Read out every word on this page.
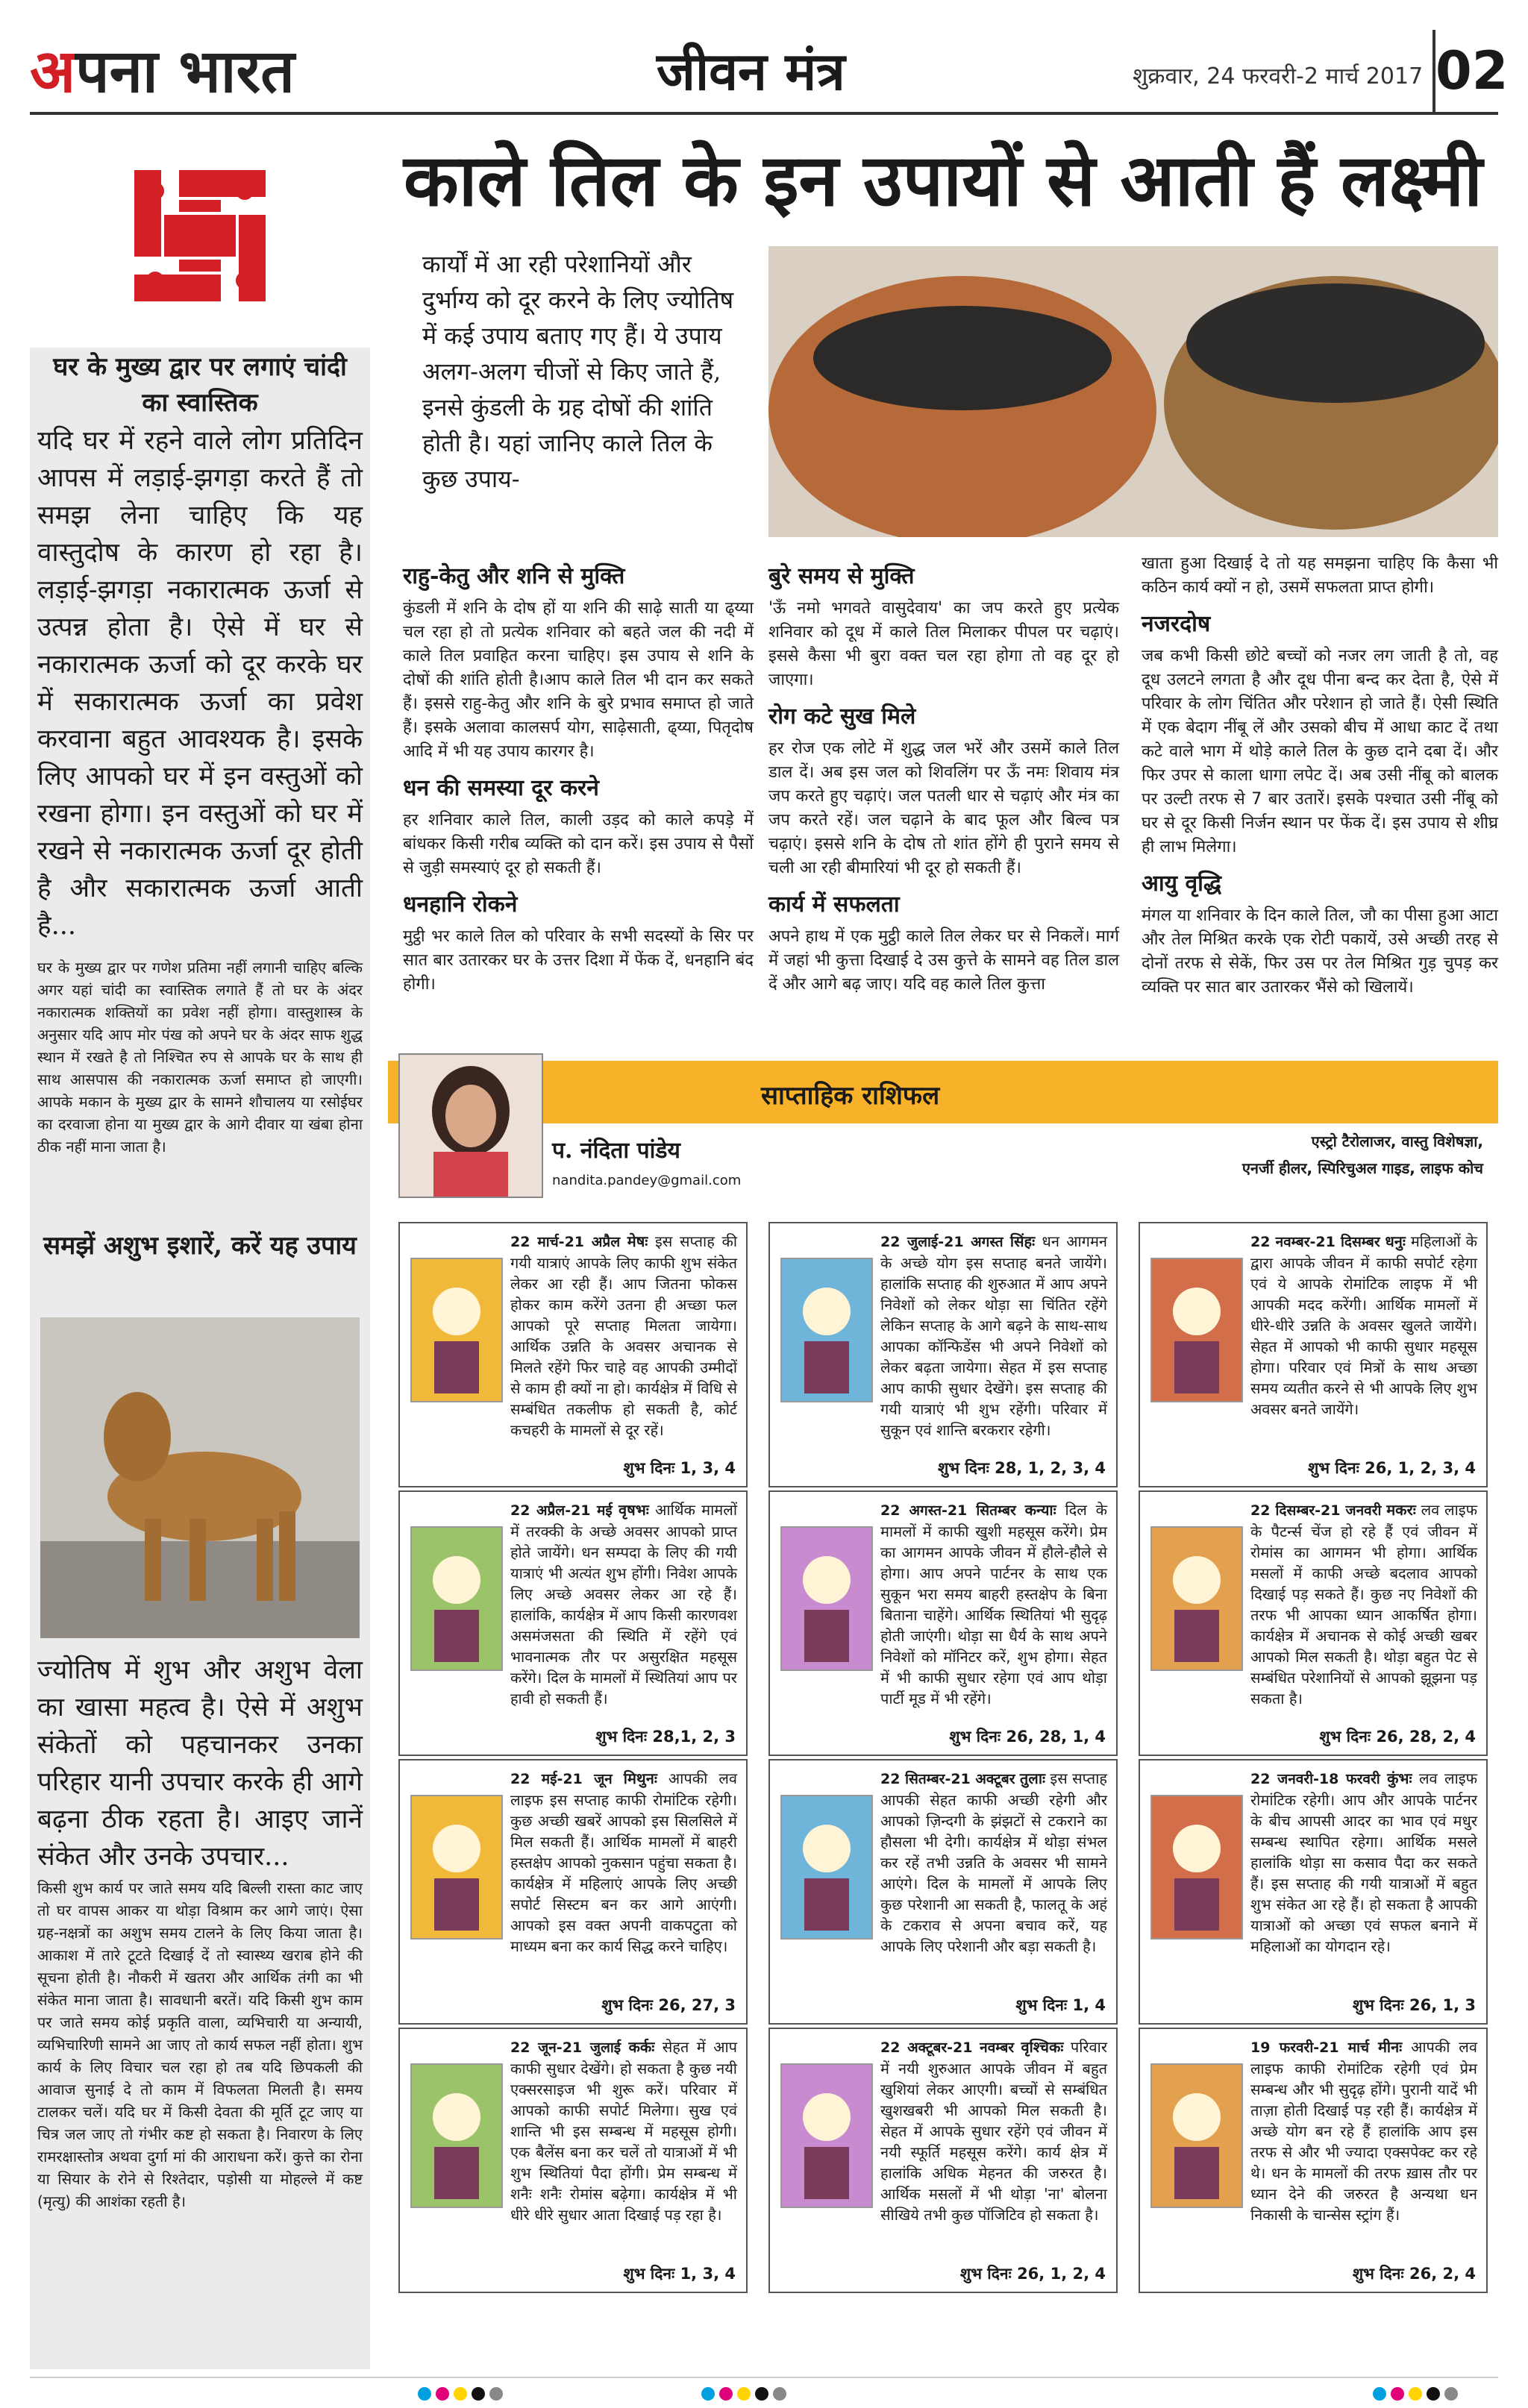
अपना भारत	जीवन मंत्र	शुक्रवार, 24 फरवरी-2 मार्च 2017 02
घर के मुख्य द्वार पर लगाएं चांदी का स्वास्तिक
यदि घर में रहने वाले लोग प्रतिदिन आपस में लड़ाई-झगड़ा करते हैं तो समझ लेना चाहिए कि यह वास्तुदोष के कारण हो रहा है। लड़ाई-झगड़ा नकारात्मक ऊर्जा से उत्पन्न होता है। ऐसे में घर से नकारात्मक ऊर्जा को दूर करके घर में सकारात्मक ऊर्जा का प्रवेश करवाना बहुत आवश्यक है। इसके लिए आपको घर में इन वस्तुओं को रखना होगा। इन वस्तुओं को घर में रखने से नकारात्मक ऊर्जा दूर होती है और सकारात्मक ऊर्जा आती है...
घर के मुख्य द्वार पर गणेश प्रतिमा नहीं लगानी चाहिए बल्कि अगर यहां चांदी का स्वास्तिक लगाते हैं तो घर के अंदर नकारात्मक शक्तियों का प्रवेश नहीं होगा। वास्तुशास्त्र के अनुसार यदि आप मोर पंख को अपने घर के अंदर साफ शुद्ध स्थान में रखते है तो निश्चित रुप से आपके घर के साथ ही साथ आसपास की नकारात्मक ऊर्जा समाप्त हो जाएगी। आपके मकान के मुख्य द्वार के सामने शौचालय या रसोईघर का दरवाजा होना या मुख्य द्वार के आगे दीवार या खंबा होना ठीक नहीं माना जाता है।
समझें अशुभ इशारें, करें यह उपाय
ज्योतिष में शुभ और अशुभ वेला का खासा महत्व है। ऐसे में अशुभ संकेतों को पहचानकर उनका परिहार यानी उपचार करके ही आगे बढ़ना ठीक रहता है। आइए जानें संकेत और उनके उपचार...
किसी शुभ कार्य पर जाते समय यदि बिल्ली रास्ता काट जाए तो घर वापस आकर या थोड़ा विश्राम कर आगे जाएं। ऐसा ग्रह-नक्षत्रों का अशुभ समय टालने के लिए किया जाता है। आकाश में तारे टूटते दिखाई दें तो स्वास्थ्य खराब होने की सूचना होती है। नौकरी में खतरा और आर्थिक तंगी का भी संकेत माना जाता है। सावधानी बरतें। यदि किसी शुभ काम पर जाते समय कोई प्रकृति वाला, व्यभिचारी या अन्यायी, व्यभिचारिणी सामने आ जाए तो कार्य सफल नहीं होता। शुभ कार्य के लिए विचार चल रहा हो तब यदि छिपकली की आवाज सुनाई दे तो काम में विफलता मिलती है। समय टालकर चलें। यदि घर में किसी देवता की मूर्ति टूट जाए या चित्र जल जाए तो गंभीर कष्ट हो सकता है। निवारण के लिए रामरक्षास्तोत्र अथवा दुर्गा मां की आराधना करें। कुत्ते का रोना या सियार के रोने से रिश्तेदार, पड़ोसी या मोहल्ले में कष्ट (मृत्यु) की आशंका रहती है।
काले तिल के इन उपायों से आती हैं लक्ष्मी
कार्यों में आ रही परेशानियों और दुर्भाग्य को दूर करने के लिए ज्योतिष में कई उपाय बताए गए हैं। ये उपाय अलग-अलग चीजों से किए जाते हैं, इनसे कुंडली के ग्रह दोषों की शांति होती है। यहां जानिए काले तिल के कुछ उपाय-
राहु-केतु और शनि से मुक्ति

कुंडली में शनि के दोष हों या शनि की साढ़े साती या ढ्य्या चल रहा हो तो प्रत्येक शनिवार को बहते जल की नदी में काले तिल प्रवाहित करना चाहिए। इस उपाय से शनि के दोषों की शांति होती है।आप काले तिल भी दान कर सकते हैं। इससे राहु-केतु और शनि के बुरे प्रभाव समाप्त हो जाते हैं। इसके अलावा कालसर्प योग, साढ़ेसाती, ढ्य्या, पितृदोष आदि में भी यह उपाय कारगर है।

धन की समस्या दूर करने

हर शनिवार काले तिल, काली उड़द को काले कपड़े में बांधकर किसी गरीब व्यक्ति को दान करें। इस उपाय से पैसों से जुड़ी समस्याएं दूर हो सकती हैं।

धनहानि रोकने

मुट्ठी भर काले तिल को परिवार के सभी सदस्यों के सिर पर सात बार उतारकर घर के उत्तर दिशा में फेंक दें, धनहानि बंद होगी।

बुरे समय से मुक्ति

'ऊँ नमो भगवते वासुदेवाय' का जप करते हुए प्रत्येक शनिवार को दूध में काले तिल मिलाकर पीपल पर चढ़ाएं। इससे कैसा भी बुरा वक्त चल रहा होगा तो वह दूर हो जाएगा।

रोग कटे सुख मिले

हर रोज एक लोटे में शुद्ध जल भरें और उसमें काले तिल डाल दें। अब इस जल को शिवलिंग पर ऊँ नमः शिवाय मंत्र जप करते हुए चढ़ाएं। जल पतली धार से चढ़ाएं और मंत्र का जप करते रहें। जल चढ़ाने के बाद फूल और बिल्व पत्र चढ़ाएं। इससे शनि के दोष तो शांत होंगे ही पुराने समय से चली आ रही बीमारियां भी दूर हो सकती हैं।

कार्य में सफलता

अपने हाथ में एक मुट्ठी काले तिल लेकर घर से निकलें। मार्ग में जहां भी कुत्ता दिखाई दे उस कुत्ते के सामने वह तिल डाल दें और आगे बढ़ जाए। यदि वह काले तिल कुत्ता

खाता हुआ दिखाई दे तो यह समझना चाहिए कि कैसा भी कठिन कार्य क्यों न हो, उसमें सफलता प्राप्त होगी।

नजरदोष

जब कभी किसी छोटे बच्चों को नजर लग जाती है तो, वह दूध उलटने लगता है और दूध पीना बन्द कर देता है, ऐसे में परिवार के लोग चिंतित और परेशान हो जाते हैं। ऐसी स्थिति में एक बेदाग नींबू लें और उसको बीच में आधा काट दें तथा कटे वाले भाग में थोड़े काले तिल के कुछ दाने दबा दें। और फिर उपर से काला धागा लपेट दें। अब उसी नींबू को बालक पर उल्टी तरफ से 7 बार उतारें। इसके पश्चात उसी नींबू को घर से दूर किसी निर्जन स्थान पर फेंक दें। इस उपाय से शीघ्र ही लाभ मिलेगा।

आयु वृद्धि

मंगल या शनिवार के दिन काले तिल, जौ का पीसा हुआ आटा और तेल मिश्रित करके एक रोटी पकायें, उसे अच्छी तरह से दोनों तरफ से सेकें, फिर उस पर तेल मिश्रित गुड़ चुपड़ कर व्यक्ति पर सात बार उतारकर भैंसे को खिलायें।

साप्ताहिक राशिफल
प. नंदिता पांडेय
nandita.pandey@gmail.com
एस्ट्रो टैरोलाजर, वास्तु विशेषज्ञा,
एनर्जी हीलर, स्पिरिचुअल गाइड, लाइफ कोच
22 मार्च-21 अप्रैल मेषः इस सप्ताह की गयी यात्राएं आपके लिए काफी शुभ संकेत लेकर आ रही हैं। आप जितना फोकस होकर काम करेंगे उतना ही अच्छा फल आपको पूरे सप्ताह मिलता जायेगा। आर्थिक उन्नति के अवसर अचानक से मिलते रहेंगे फिर चाहे वह आपकी उम्मीदों से काम ही क्यों ना हो। कार्यक्षेत्र में विधि से सम्बंधित तकलीफ हो सकती है, कोर्ट कचहरी के मामलों से दूर रहें।
शुभ दिनः 1, 3, 4
22 जुलाई-21 अगस्त सिंहः धन आगमन के अच्छे योग इस सप्ताह बनते जायेंगे। हालांकि सप्ताह की शुरुआत में आप अपने निवेशों को लेकर थोड़ा सा चिंतित रहेंगे लेकिन सप्ताह के आगे बढ़ने के साथ-साथ आपका कॉन्फिडेंस भी अपने निवेशों को लेकर बढ़ता जायेगा। सेहत में इस सप्ताह आप काफी सुधार देखेंगे। इस सप्ताह की गयी यात्राएं भी शुभ रहेंगी। परिवार में सुकून एवं शान्ति बरकरार रहेगी।
शुभ दिनः 28, 1, 2, 3, 4
22 नवम्बर-21 दिसम्बर धनुः महिलाओं के द्वारा आपके जीवन में काफी सपोर्ट रहेगा एवं ये आपके रोमांटिक लाइफ में भी आपकी मदद करेंगी। आर्थिक मामलों में धीरे-धीरे उन्नति के अवसर खुलते जायेंगे। सेहत में आपको भी काफी सुधार महसूस होगा। परिवार एवं मित्रों के साथ अच्छा समय व्यतीत करने से भी आपके लिए शुभ अवसर बनते जायेंगे।
शुभ दिनः 26, 1, 2, 3, 4
22 अप्रैल-21 मई वृषभः आर्थिक मामलों में तरक्की के अच्छे अवसर आपको प्राप्त होते जायेंगे। धन सम्पदा के लिए की गयी यात्राएं भी अत्यंत शुभ होंगी। निवेश आपके लिए अच्छे अवसर लेकर आ रहे हैं। हालांकि, कार्यक्षेत्र में आप किसी कारणवश असमंजसता की स्थिति में रहेंगे एवं भावनात्मक तौर पर असुरक्षित महसूस करेंगे। दिल के मामलों में स्थितियां आप पर हावी हो सकती हैं।
शुभ दिनः 28,1, 2, 3
22 अगस्त-21 सितम्बर कन्याः दिल के मामलों में काफी खुशी महसूस करेंगे। प्रेम का आगमन आपके जीवन में हौले-हौले से होगा। आप अपने पार्टनर के साथ एक सुकून भरा समय बाहरी हस्तक्षेप के बिना बिताना चाहेंगे। आर्थिक स्थितियां भी सुदृढ़ होती जाएंगी। थोड़ा सा धैर्य के साथ अपने निवेशों को मॉनिटर करें, शुभ होगा। सेहत में भी काफी सुधार रहेगा एवं आप थोड़ा पार्टी मूड में भी रहेंगे।
शुभ दिनः 26, 28, 1, 4
22 दिसम्बर-21 जनवरी मकरः लव लाइफ के पैटर्न्स चेंज हो रहे हैं एवं जीवन में रोमांस का आगमन भी होगा। आर्थिक मसलों में काफी अच्छे बदलाव आपको दिखाई पड़ सकते हैं। कुछ नए निवेशों की तरफ भी आपका ध्यान आकर्षित होगा। कार्यक्षेत्र में अचानक से कोई अच्छी खबर आपको मिल सकती है। थोड़ा बहुत पेट से सम्बंधित परेशानियों से आपको झूझना पड़ सकता है।
शुभ दिनः 26, 28, 2, 4
22 मई-21 जून मिथुनः आपकी लव लाइफ इस सप्ताह काफी रोमांटिक रहेगी। कुछ अच्छी खबरें आपको इस सिलसिले में मिल सकती हैं। आर्थिक मामलों में बाहरी हस्तक्षेप आपको नुकसान पहुंचा सकता है। कार्यक्षेत्र में महिलाएं आपके लिए अच्छी सपोर्ट सिस्टम बन कर आगे आएंगी। आपको इस वक्त अपनी वाकपटुता को माध्यम बना कर कार्य सिद्ध करने चाहिए।
शुभ दिनः 26, 27, 3
22 सितम्बर-21 अक्टूबर तुलाः इस सप्ताह आपकी सेहत काफी अच्छी रहेगी और आपको ज़िन्दगी के झंझटों से टकराने का हौसला भी देगी। कार्यक्षेत्र में थोड़ा संभल कर रहें तभी उन्नति के अवसर भी सामने आएंगे। दिल के मामलों में आपके लिए कुछ परेशानी आ सकती है, फालतू के अहं के टकराव से अपना बचाव करें, यह आपके लिए परेशानी और बड़ा सकती है।
शुभ दिनः 1, 4
22 जनवरी-18 फरवरी कुंभः लव लाइफ रोमांटिक रहेगी। आप और आपके पार्टनर के बीच आपसी आदर का भाव एवं मधुर सम्बन्ध स्थापित रहेगा। आर्थिक मसले हालांकि थोड़ा सा कसाव पैदा कर सकते हैं। इस सप्ताह की गयी यात्राओं में बहुत शुभ संकेत आ रहे हैं। हो सकता है आपकी यात्राओं को अच्छा एवं सफल बनाने में महिलाओं का योगदान रहे।
शुभ दिनः 26, 1, 3
22 जून-21 जुलाई कर्कः सेहत में आप काफी सुधार देखेंगे। हो सकता है कुछ नयी एक्सरसाइज भी शुरू करें। परिवार में आपको काफी सपोर्ट मिलेगा। सुख एवं शान्ति भी इस सम्बन्ध में महसूस होगी। एक बैलेंस बना कर चलें तो यात्राओं में भी शुभ स्थितियां पैदा होंगी। प्रेम सम्बन्ध में शनैः शनैः रोमांस बढ़ेगा। कार्यक्षेत्र में भी धीरे धीरे सुधार आता दिखाई पड़ रहा है।
शुभ दिनः 1, 3, 4
22 अक्टूबर-21 नवम्बर वृश्चिकः परिवार में नयी शुरुआत आपके जीवन में बहुत खुशियां लेकर आएगी। बच्चों से सम्बंधित खुशखबरी भी आपको मिल सकती है। सेहत में आपके सुधार रहेंगे एवं जीवन में नयी स्फूर्ति महसूस करेंगे। कार्य क्षेत्र में हालांकि अधिक मेहनत की जरुरत है। आर्थिक मसलों में भी थोड़ा 'ना' बोलना सीखिये तभी कुछ पॉजिटिव हो सकता है।
शुभ दिनः 26, 1, 2, 4
19 फरवरी-21 मार्च मीनः आपकी लव लाइफ काफी रोमांटिक रहेगी एवं प्रेम सम्बन्ध और भी सुदृढ़ होंगे। पुरानी यादें भी ताज़ा होती दिखाई पड़ रही हैं। कार्यक्षेत्र में अच्छे योग बन रहे हैं हालांकि आप इस तरफ से और भी ज्यादा एक्सपेक्ट कर रहे थे। धन के मामलों की तरफ ख़ास तौर पर ध्यान देने की जरुरत है अन्यथा धन निकासी के चान्सेस स्ट्रांग हैं।
शुभ दिनः 26, 2, 4
